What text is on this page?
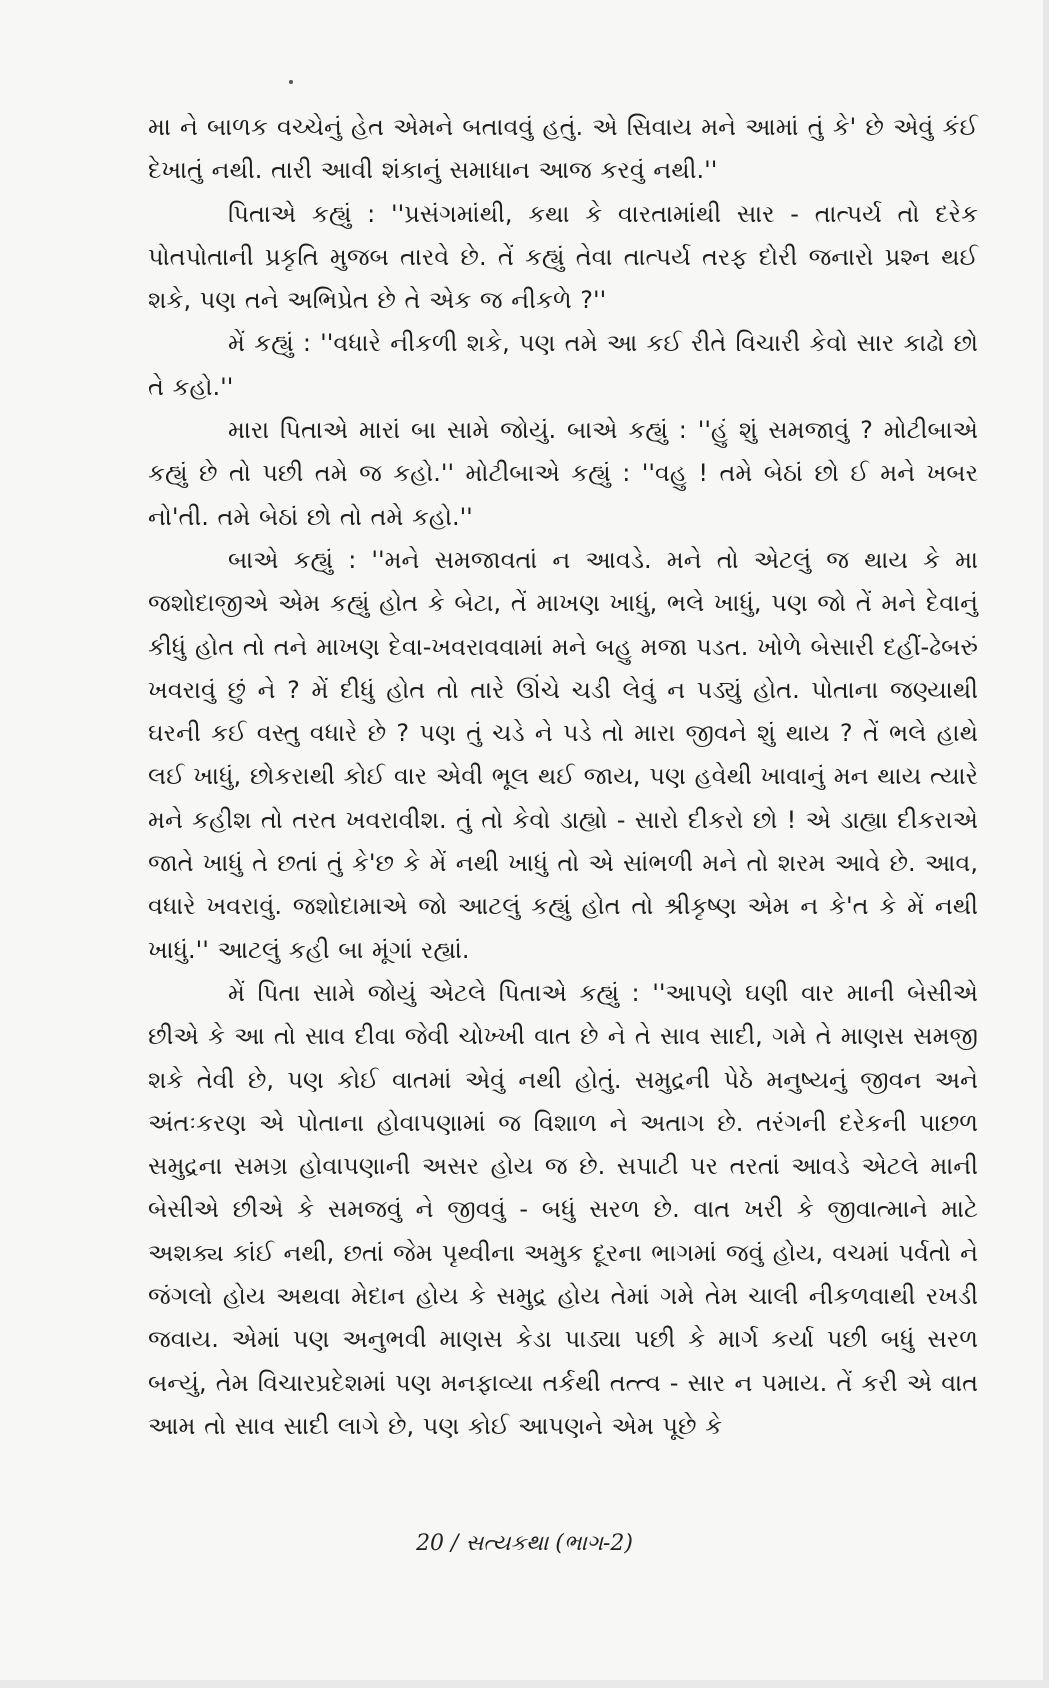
મા ને બાળક વચ્ચેનું હેત એમને બતાવવું હતું. એ સિવાય મને આમાં તું કે' છે એવું કંઈ દેખાતું નથી. તારી આવી શંકાનું સમાધાન આજ કરવું નથી.''

પિતાએ કહ્યું : ''પ્રસંગમાંથી, કથા કે વારતામાંથી સાર - તાત્પર્ય તો દરેક પોતપોતાની પ્રકૃતિ મુજબ તારવે છે. તેં કહ્યું તેવા તાત્પર્ય તરફ દોરી જનારો પ્રશ્ન થઈ શકે, પણ તને અભિપ્રેત છે તે એક જ નીકળે ?''

મેં કહ્યું : ''વધારે નીકળી શકે, પણ તમે આ કઈ રીતે વિચારી કેવો સાર કાઢો છો તે કહો.''

મારા પિતાએ મારાં બા સામે જોયું. બાએ કહ્યું : ''હું શું સમજાવું ? મોટીબાએ કહ્યું છે તો પછી તમે જ કહો.'' મોટીબાએ કહ્યું : ''વહુ ! તમે બેઠાં છો ઈ મને ખબર નો'તી. તમે બેઠાં છો તો તમે કહો.''

બાએ કહ્યું : ''મને સમજાવતાં ન આવડે. મને તો એટલું જ થાય કે મા જશોદાજીએ એમ કહ્યું હોત કે બેટા, તેં માખણ ખાધું, ભલે ખાધું, પણ જો તેં મને દેવાનું કીધું હોત તો તને માખણ દેવા-ખવરાવવામાં મને બહુ મજા પડત. ખોળે બેસારી દહીં-ઢેબરું ખવરાવું છું ને ? મેં દીધું હોત તો તારે ઊંચે ચડી લેવું ન પડ્યું હોત. પોતાના જણ્યાથી ઘરની કઈ વસ્તુ વધારે છે ? પણ તું ચડે ને પડે તો મારા જીવને શું થાય ? તેં ભલે હાથે લઈ ખાધું, છોકરાથી કોઈ વાર એવી ભૂલ થઈ જાય, પણ હવેથી ખાવાનું મન થાય ત્યારે મને કહીશ તો તરત ખવરાવીશ. તું તો કેવો ડાહ્યો - સારો દીકરો છો ! એ ડાહ્યા દીકરાએ જાતે ખાધું તે છતાં તું કે'છ કે મેં નથી ખાધું તો એ સાંભળી મને તો શરમ આવે છે. આવ, વધારે ખવરાવું. જશોદામાએ જો આટલું કહ્યું હોત તો શ્રીકૃષ્ણ એમ ન કે'ત કે મેં નથી ખાધું.'' આટલું કહી બા મૂંગાં રહ્યાં.

મેં પિતા સામે જોયું એટલે પિતાએ કહ્યું : ''આપણે ઘણી વાર માની બેસીએ છીએ કે આ તો સાવ દીવા જેવી ચોખ્ખી વાત છે ને તે સાવ સાદી, ગમે તે માણસ સમજી શકે તેવી છે, પણ કોઈ વાતમાં એવું નથી હોતું. સમુદ્રની પેઠે મનુષ્યનું જીવન અને અંતઃકરણ એ પોતાના હોવાપણામાં જ વિશાળ ને અતાગ છે. તરંગની દરેકની પાછળ સમુદ્રના સમગ્ર હોવાપણાની અસર હોય જ છે. સપાટી પર તરતાં આવડે એટલે માની બેસીએ છીએ કે સમજવું ને જીવવું - બધું સરળ છે. વાત ખરી કે જીવાત્માને માટે અશક્ય કાંઈ નથી, છતાં જેમ પૃથ્વીના અમુક દૂરના ભાગમાં જવું હોય, વચમાં પર્વતો ને જંગલો હોય અથવા મેદાન હોય કે સમુદ્ર હોય તેમાં ગમે તેમ ચાલી નીકળવાથી રખડી જવાય. એમાં પણ અનુભવી માણસ કેડા પાડ્યા પછી કે માર્ગ કર્યા પછી બધું સરળ બન્યું, તેમ વિચારપ્રદેશમાં પણ મનફાવ્યા તર્કથી તત્ત્વ - સાર ન પમાય. તેં કરી એ વાત આમ તો સાવ સાદી લાગે છે, પણ કોઈ આપણને એમ પૂછે કે

20 / સત્યકથા (ભાગ-2)
